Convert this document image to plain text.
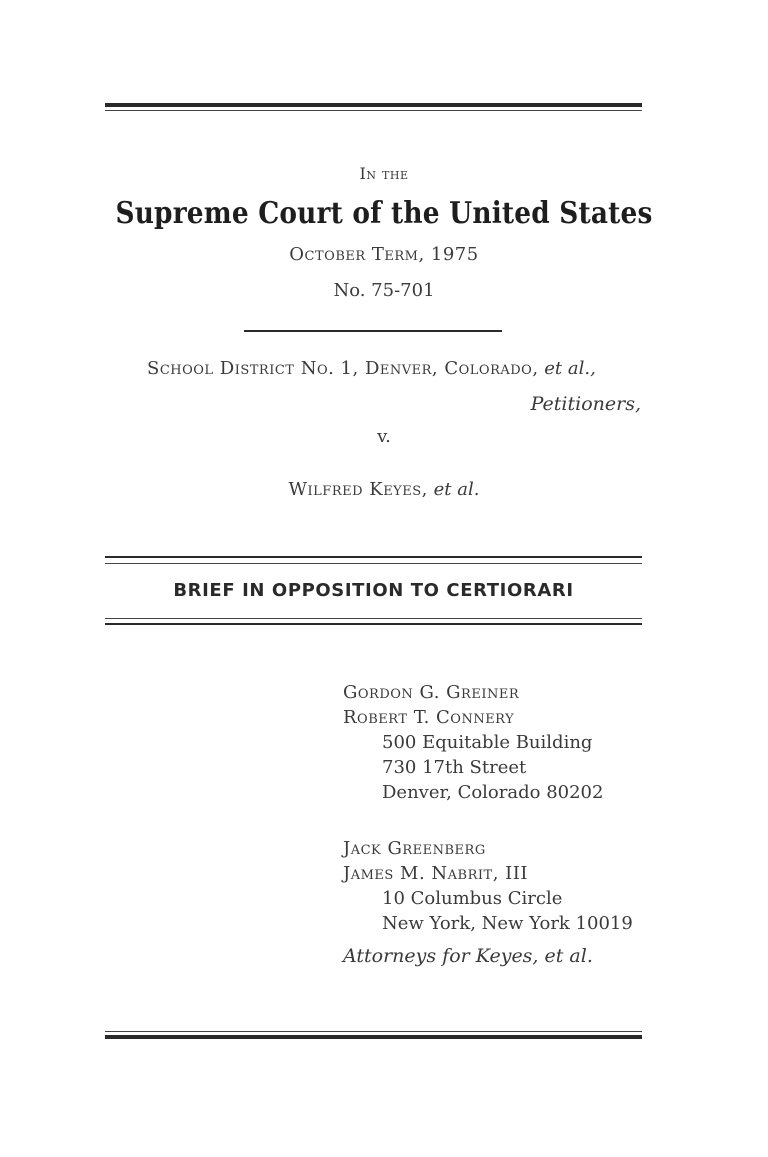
In the
Supreme Court of the United States
October Term, 1975
No. 75-701
School District No. 1, Denver, Colorado, et al.,
Petitioners,
v.
Wilfred Keyes, et al.
BRIEF IN OPPOSITION TO CERTIORARI
Gordon G. Greiner
Robert T. Connery
500 Equitable Building
730 17th Street
Denver, Colorado 80202
Jack Greenberg
James M. Nabrit, III
10 Columbus Circle
New York, New York 10019
Attorneys for Keyes, et al.
